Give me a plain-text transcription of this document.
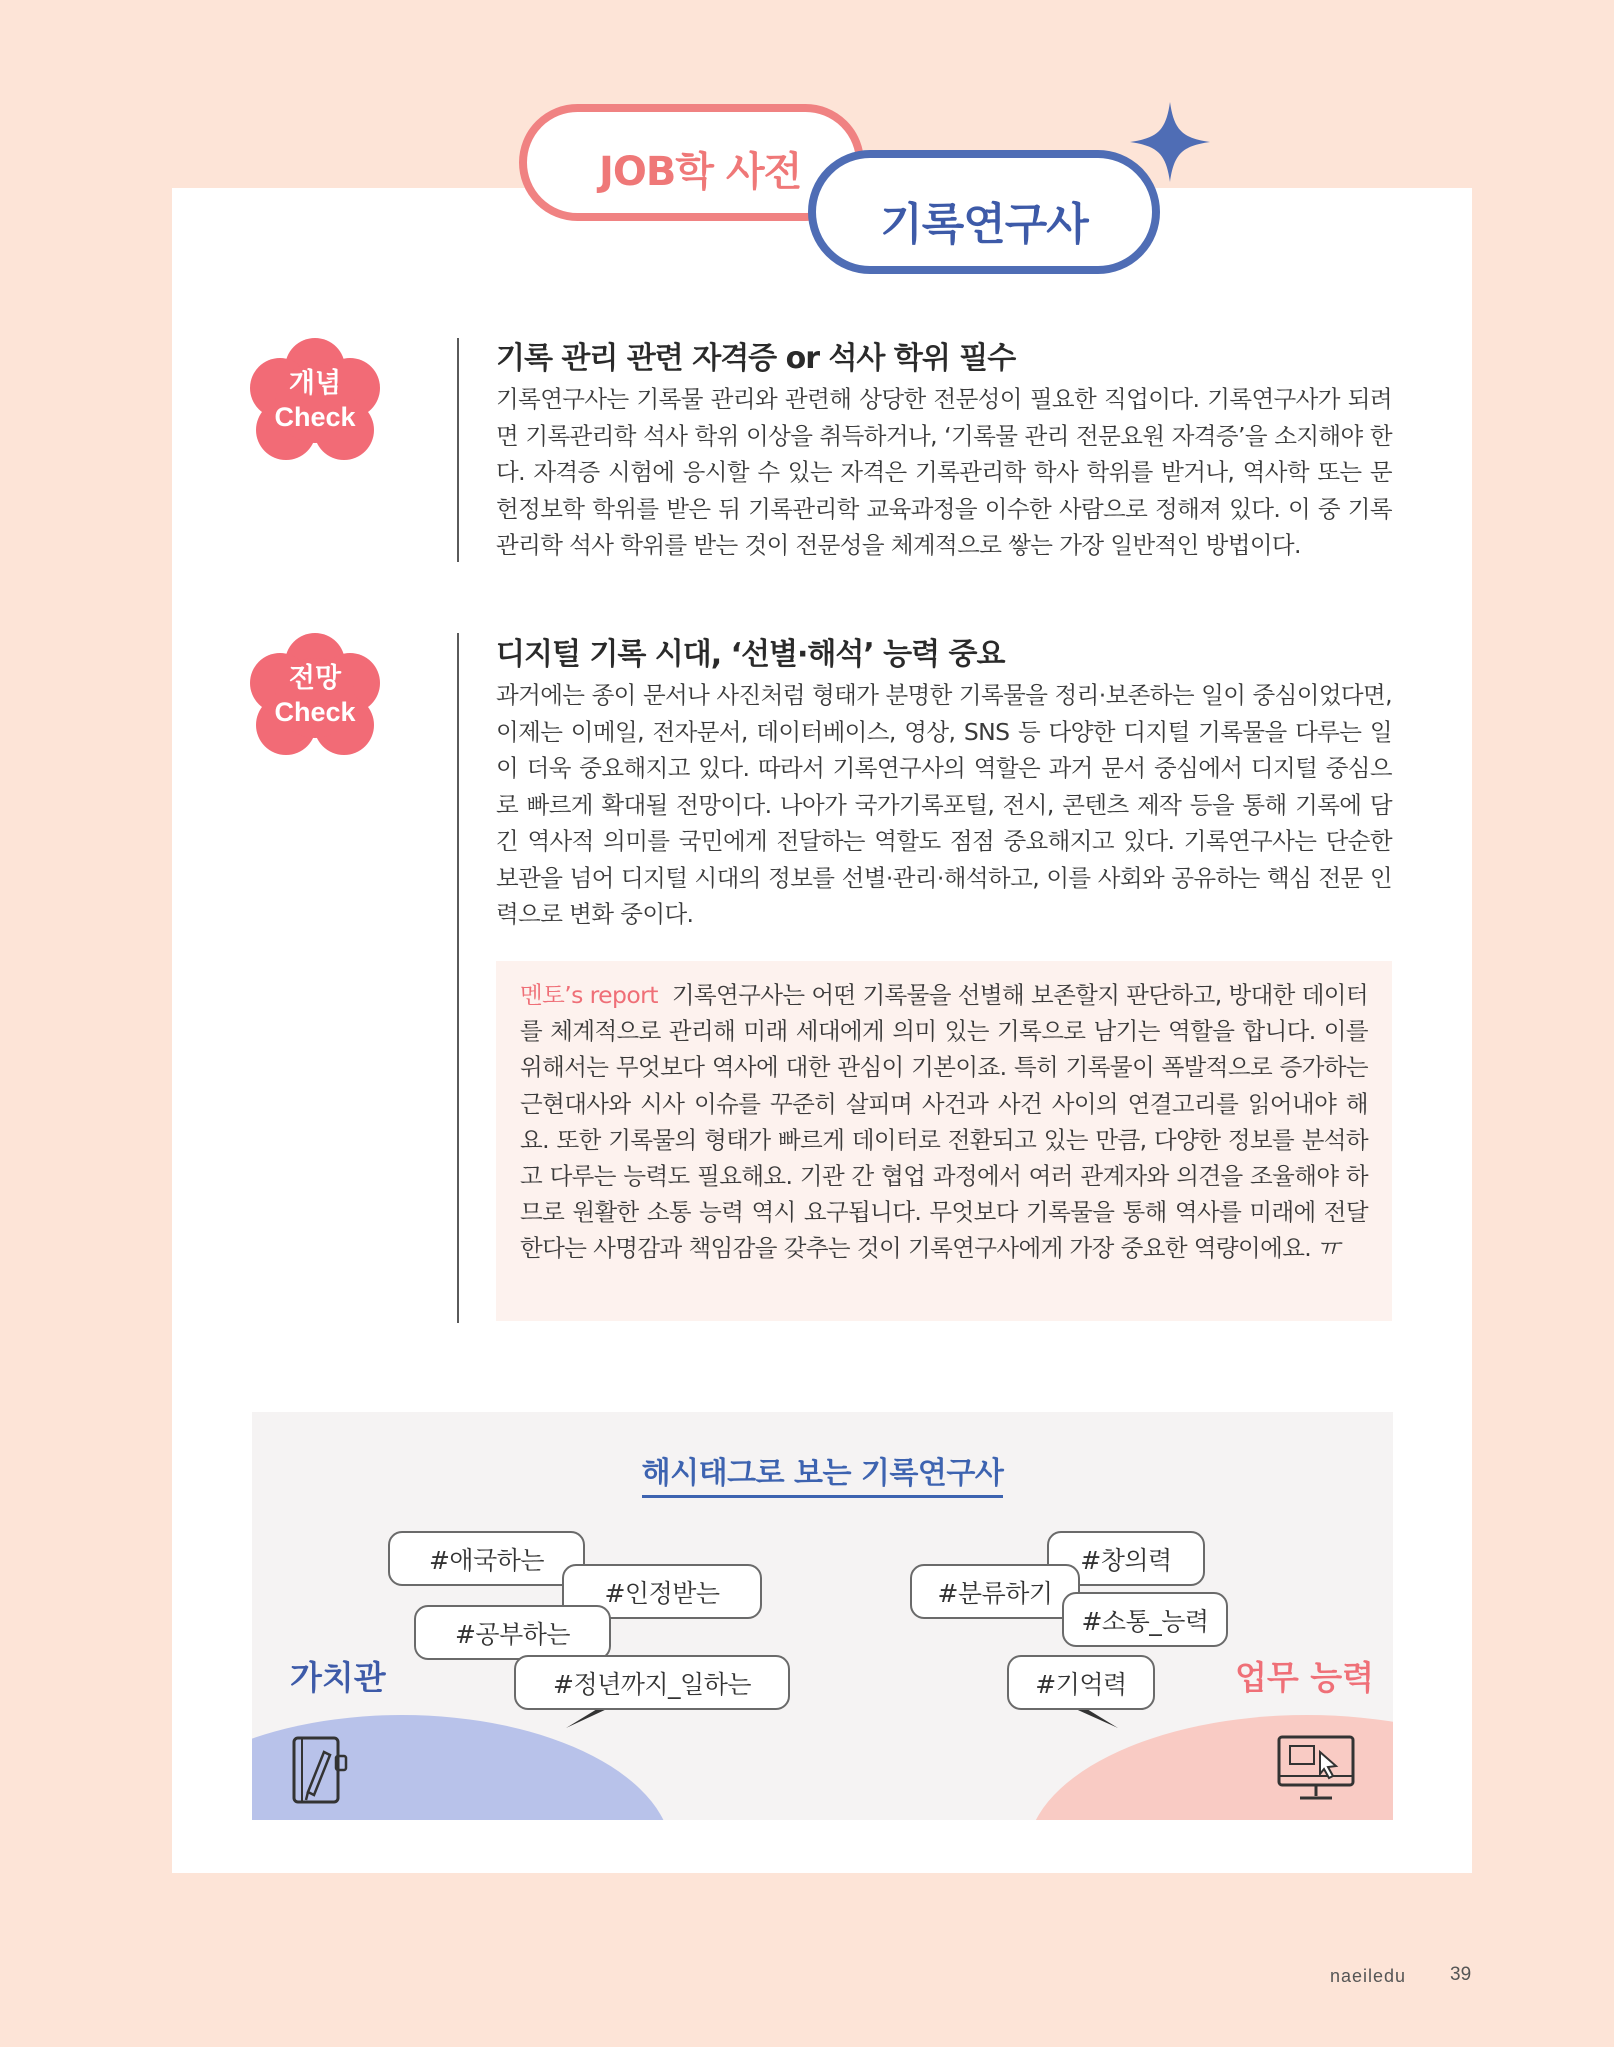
JOB학 사전
기록연구사
개념
Check
기록 관리 관련 자격증 or 석사 학위 필수

기록연구사는 기록물 관리와 관련해 상당한 전문성이 필요한 직업이다. 기록연구사가 되려면 기록관리학 석사 학위 이상을 취득하거나, ‘기록물 관리 전문요원 자격증’을 소지해야 한다. 자격증 시험에 응시할 수 있는 자격은 기록관리학 학사 학위를 받거나, 역사학 또는 문헌정보학 학위를 받은 뒤 기록관리학 교육과정을 이수한 사람으로 정해져 있다. 이 중 기록관리학 석사 학위를 받는 것이 전문성을 체계적으로 쌓는 가장 일반적인 방법이다.

전망
Check
디지털 기록 시대, ‘선별·해석’ 능력 중요

과거에는 종이 문서나 사진처럼 형태가 분명한 기록물을 정리·보존하는 일이 중심이었다면, 이제는 이메일, 전자문서, 데이터베이스, 영상, SNS 등 다양한 디지털 기록물을 다루는 일이 더욱 중요해지고 있다. 따라서 기록연구사의 역할은 과거 문서 중심에서 디지털 중심으로 빠르게 확대될 전망이다. 나아가 국가기록포털, 전시, 콘텐츠 제작 등을 통해 기록에 담긴 역사적 의미를 국민에게 전달하는 역할도 점점 중요해지고 있다. 기록연구사는 단순한 보관을 넘어 디지털 시대의 정보를 선별·관리·해석하고, 이를 사회와 공유하는 핵심 전문 인력으로 변화 중이다.

멘토’s report 기록연구사는 어떤 기록물을 선별해 보존할지 판단하고, 방대한 데이터를 체계적으로 관리해 미래 세대에게 의미 있는 기록으로 남기는 역할을 합니다. 이를 위해서는 무엇보다 역사에 대한 관심이 기본이죠. 특히 기록물이 폭발적으로 증가하는 근현대사와 시사 이슈를 꾸준히 살피며 사건과 사건 사이의 연결고리를 읽어내야 해요. 또한 기록물의 형태가 빠르게 데이터로 전환되고 있는 만큼, 다양한 정보를 분석하고 다루는 능력도 필요해요. 기관 간 협업 과정에서 여러 관계자와 의견을 조율해야 하므로 원활한 소통 능력 역시 요구됩니다. 무엇보다 기록물을 통해 역사를 미래에 전달한다는 사명감과 책임감을 갖추는 것이 기록연구사에게 가장 중요한 역량이에요. ㅠ

해시태그로 보는 기록연구사
가치관	업무 능력
#애국하는
#인정받는
#공부하는
#정년까지_일하는
#창의력
#분류하기
#소통_능력
#기억력
naeiledu 39
